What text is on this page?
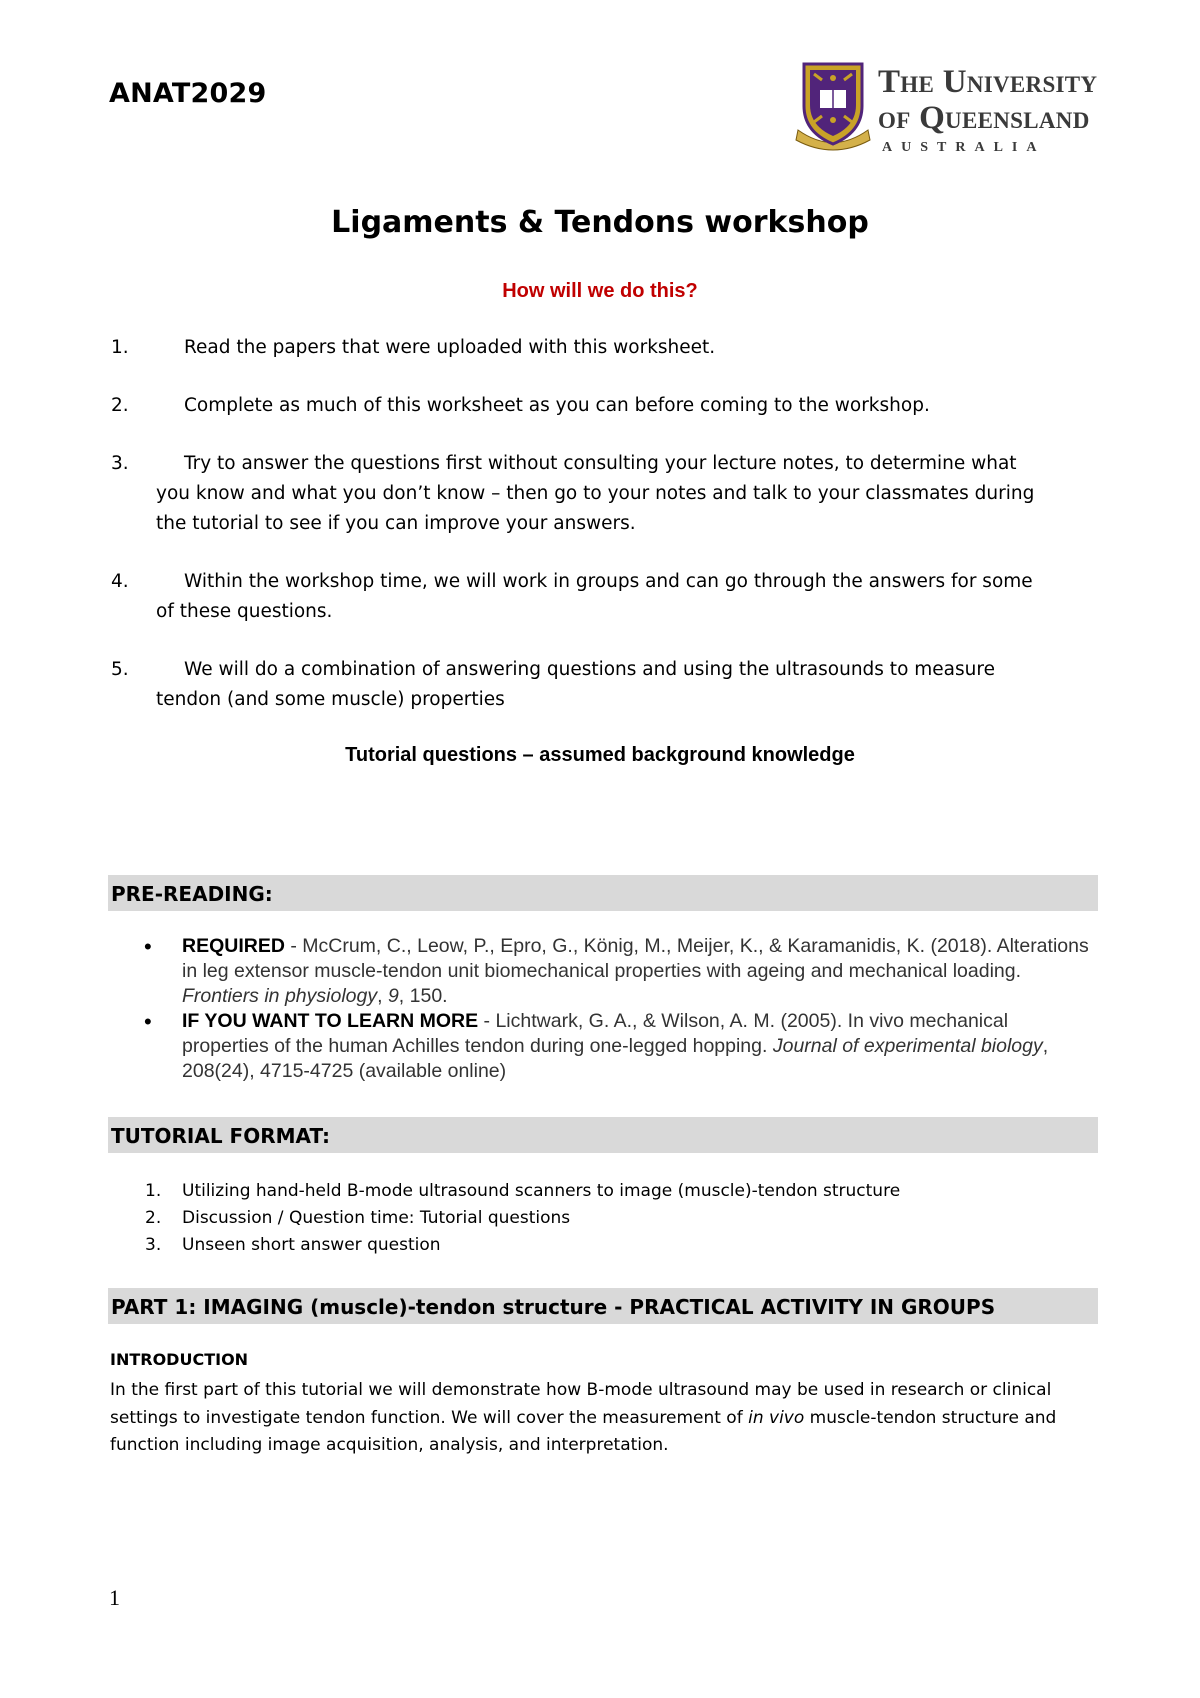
ANAT2029	The University
of Queensland
AUSTRALIA
Ligaments & Tendons workshop
How will we do this?
1.	Read the papers that were uploaded with this worksheet.
2.	Complete as much of this worksheet as you can before coming to the workshop.
3.	Try to answer the questions first without consulting your lecture notes, to determine what
you know and what you don’t know – then go to your notes and talk to your classmates during
the tutorial to see if you can improve your answers.
4.	Within the workshop time, we will work in groups and can go through the answers for some
of these questions.
5.	We will do a combination of answering questions and using the ultrasounds to measure
tendon (and some muscle) properties
Tutorial questions – assumed background knowledge
PRE-READING:
• REQUIRED - McCrum, C., Leow, P., Epro, G., König, M., Meijer, K., & Karamanidis, K. (2018). Alterations in leg extensor muscle-tendon unit biomechanical properties with ageing and mechanical loading. Frontiers in physiology, 9, 150.
• IF YOU WANT TO LEARN MORE - Lichtwark, G. A., & Wilson, A. M. (2005). In vivo mechanical properties of the human Achilles tendon during one-legged hopping. Journal of experimental biology, 208(24), 4715-4725 (available online)
TUTORIAL FORMAT:
1. Utilizing hand-held B-mode ultrasound scanners to image (muscle)-tendon structure
2. Discussion / Question time: Tutorial questions
3. Unseen short answer question
PART 1: IMAGING (muscle)-tendon structure - PRACTICAL ACTIVITY IN GROUPS
INTRODUCTION
In the first part of this tutorial we will demonstrate how B-mode ultrasound may be used in research or clinical settings to investigate tendon function. We will cover the measurement of in vivo muscle-tendon structure and function including image acquisition, analysis, and interpretation.
1
